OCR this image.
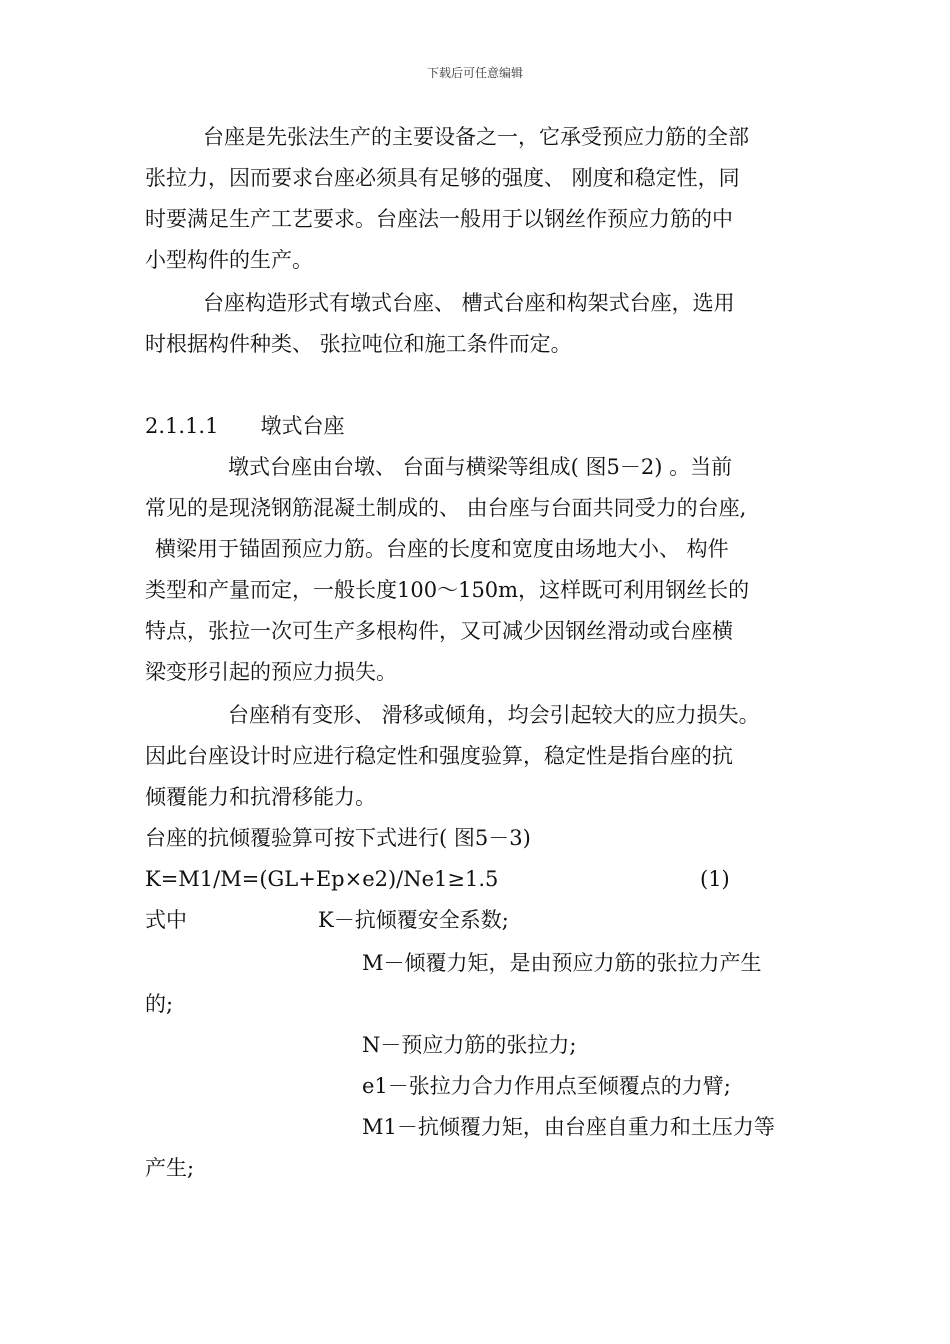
下载后可任意编辑
台座是先张法生产的主要设备之一，它承受预应力筋的全部
张拉力，因而要求台座必须具有足够的强度、 刚度和稳定性，同
时要满足生产工艺要求。台座法一般用于以钢丝作预应力筋的中
小型构件的生产。
台座构造形式有墩式台座、 槽式台座和构架式台座，选用
时根据构件种类、 张拉吨位和施工条件而定。
2.1.1.1　　墩式台座
墩式台座由台墩、 台面与横梁等组成( 图5－2) 。当前
常见的是现浇钢筋混凝土制成的、 由台座与台面共同受力的台座,
横梁用于锚固预应力筋。台座的长度和宽度由场地大小、 构件
类型和产量而定，一般长度100～150m，这样既可利用钢丝长的
特点，张拉一次可生产多根构件，又可减少因钢丝滑动或台座横
梁变形引起的预应力损失。
台座稍有变形、 滑移或倾角，均会引起较大的应力损失。
因此台座设计时应进行稳定性和强度验算，稳定性是指台座的抗
倾覆能力和抗滑移能力。
台座的抗倾覆验算可按下式进行( 图5－3)
K=M1/M=(GL+Ep×e2)/Ne1≥1.5	(1)
式中	K－抗倾覆安全系数;
M－倾覆力矩，是由预应力筋的张拉力产生
的;
N－预应力筋的张拉力;
e1－张拉力合力作用点至倾覆点的力臂;
M1－抗倾覆力矩，由台座自重力和土压力等
产生;
